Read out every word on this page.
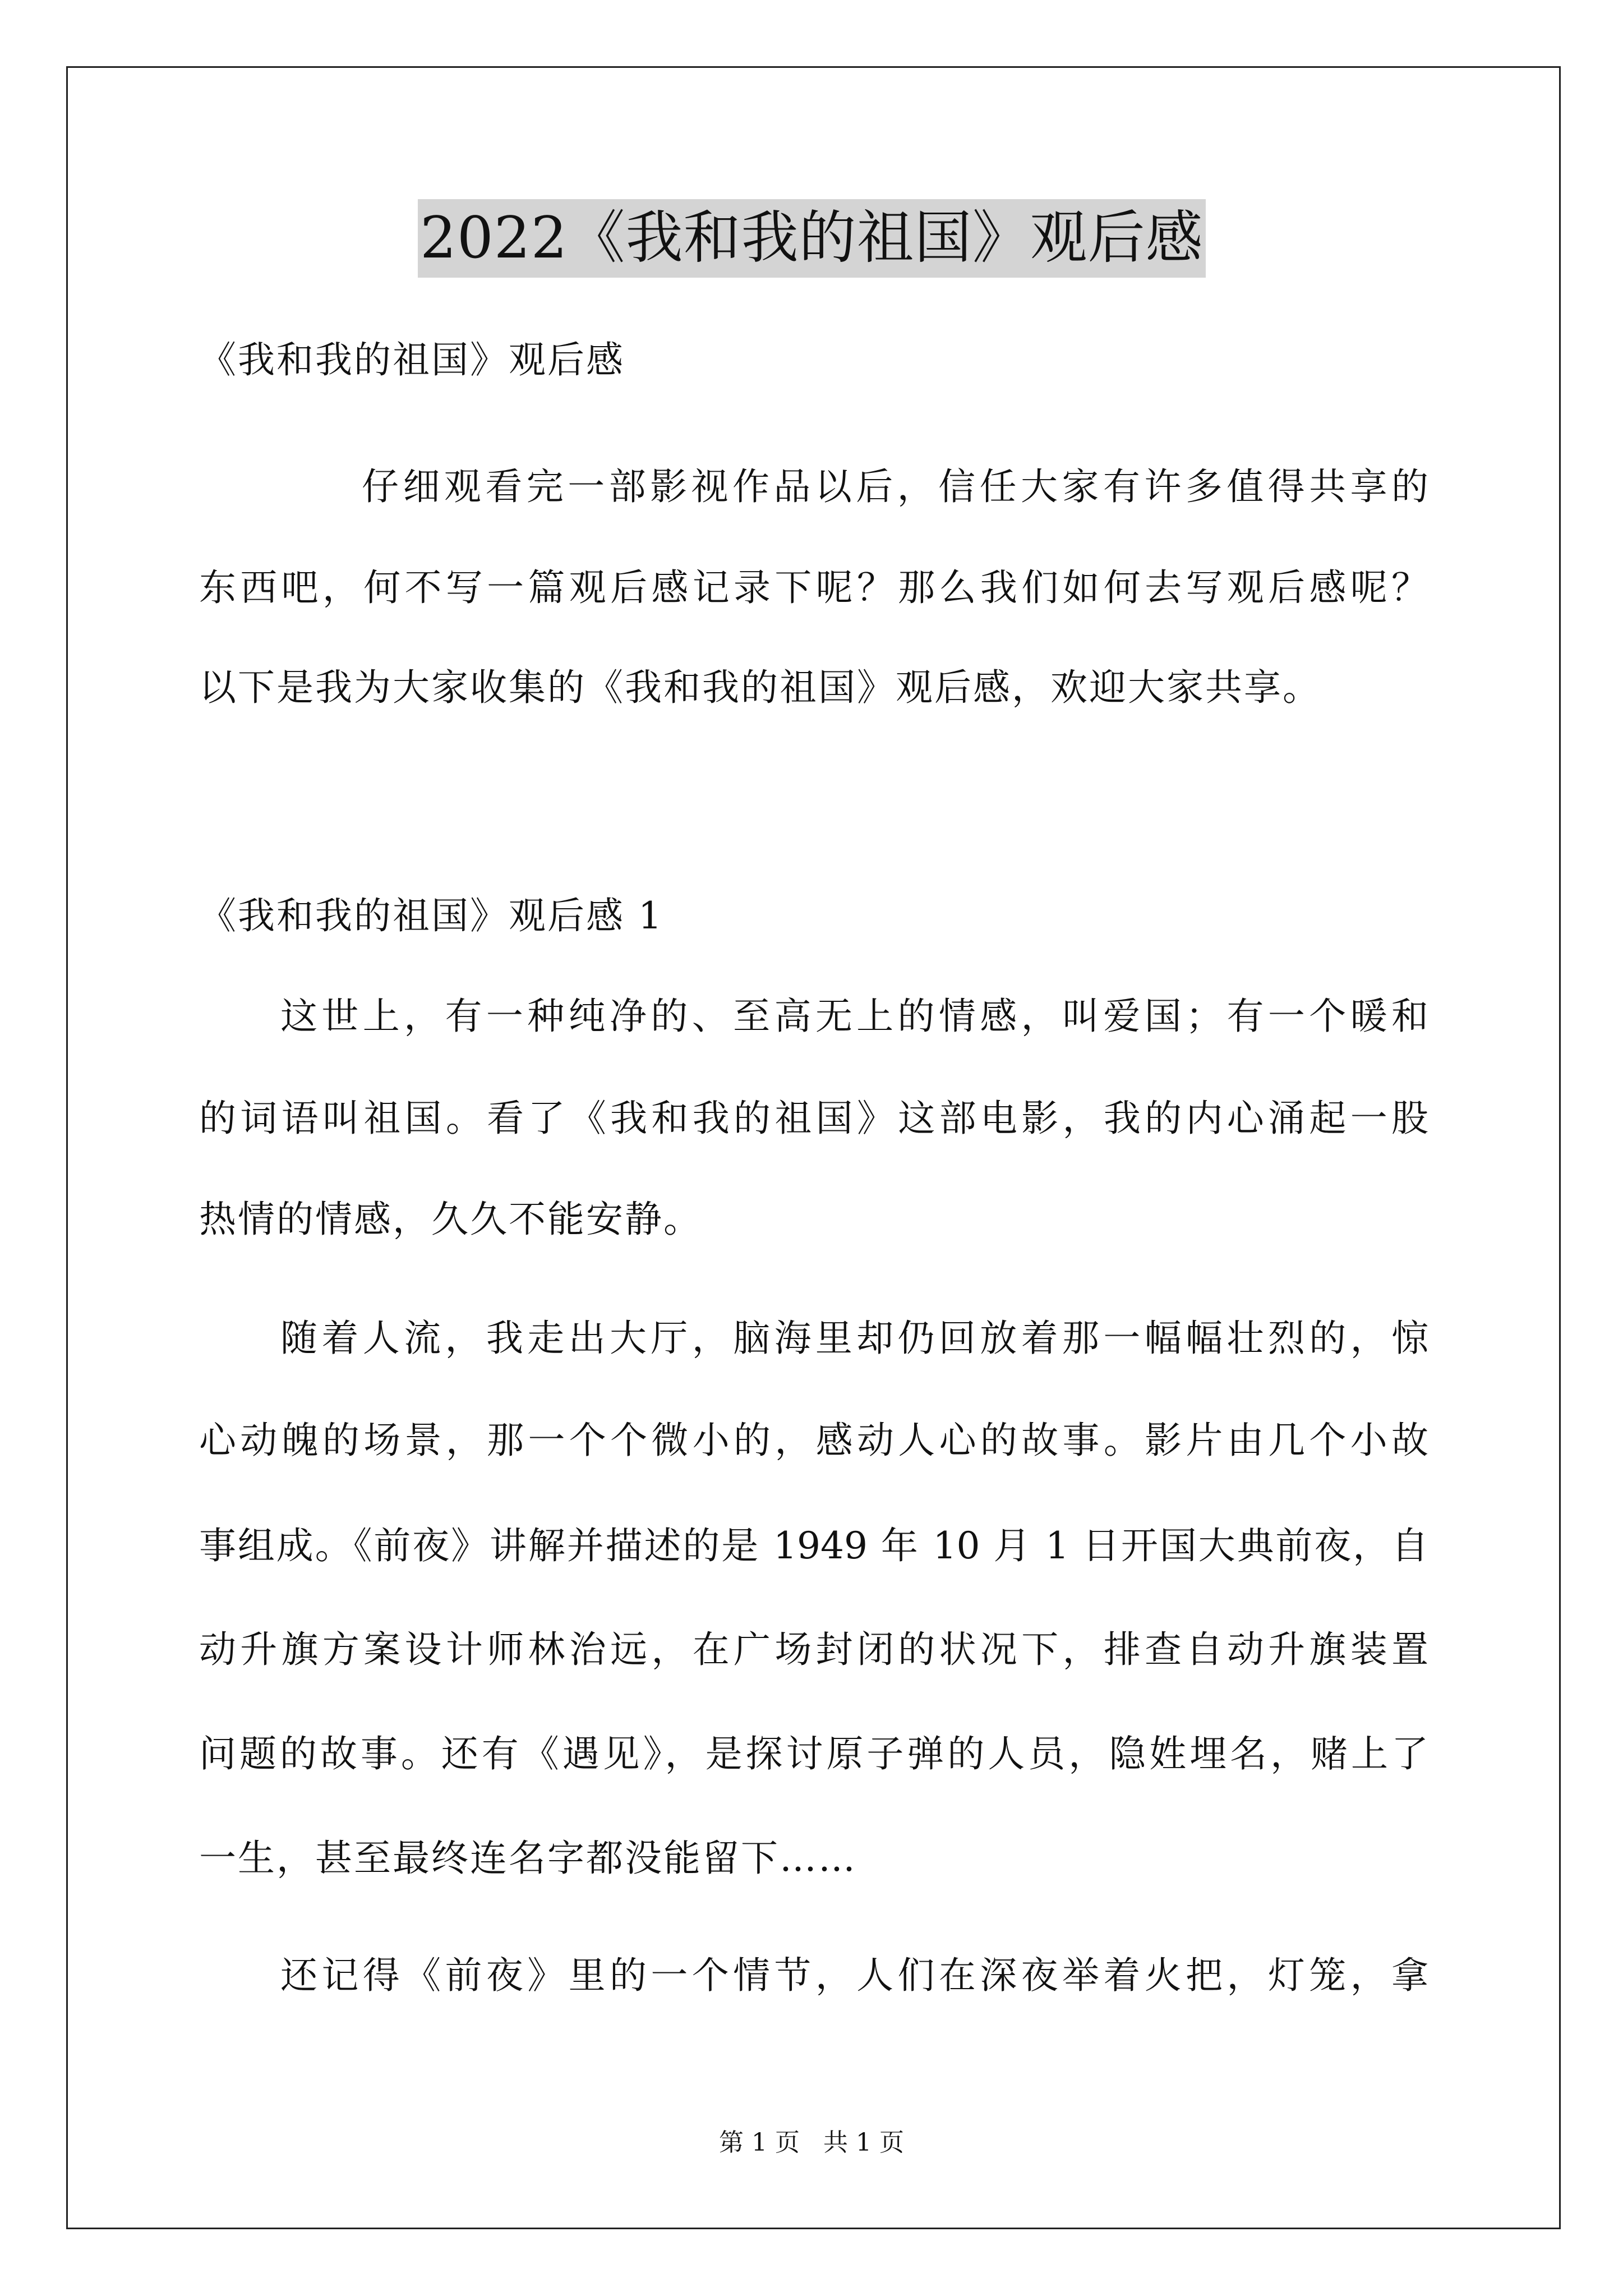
2022《我和我的祖国》观后感
《我和我的祖国》观后感
仔细观看完一部影视作品以后，信任大家有许多值得共享的
东西吧，何不写一篇观后感记录下呢？那么我们如何去写观后感呢？
以下是我为大家收集的《我和我的祖国》观后感，欢迎大家共享。
《我和我的祖国》观后感 1
这世上，有一种纯净的、至高无上的情感，叫爱国；有一个暖和
的词语叫祖国。看了《我和我的祖国》这部电影，我的内心涌起一股
热情的情感，久久不能安静。
随着人流，我走出大厅，脑海里却仍回放着那一幅幅壮烈的，惊
心动魄的场景，那一个个微小的，感动人心的故事。影片由几个小故
事组成。《前夜》讲解并描述的是 1949 年 10 月 1 日开国大典前夜，自
动升旗方案设计师林治远，在广场封闭的状况下，排查自动升旗装置
问题的故事。还有《遇见》，是探讨原子弹的人员，隐姓埋名，赌上了
一生，甚至最终连名字都没能留下……
还记得《前夜》里的一个情节，人们在深夜举着火把，灯笼，拿
第 1 页   共 1 页
